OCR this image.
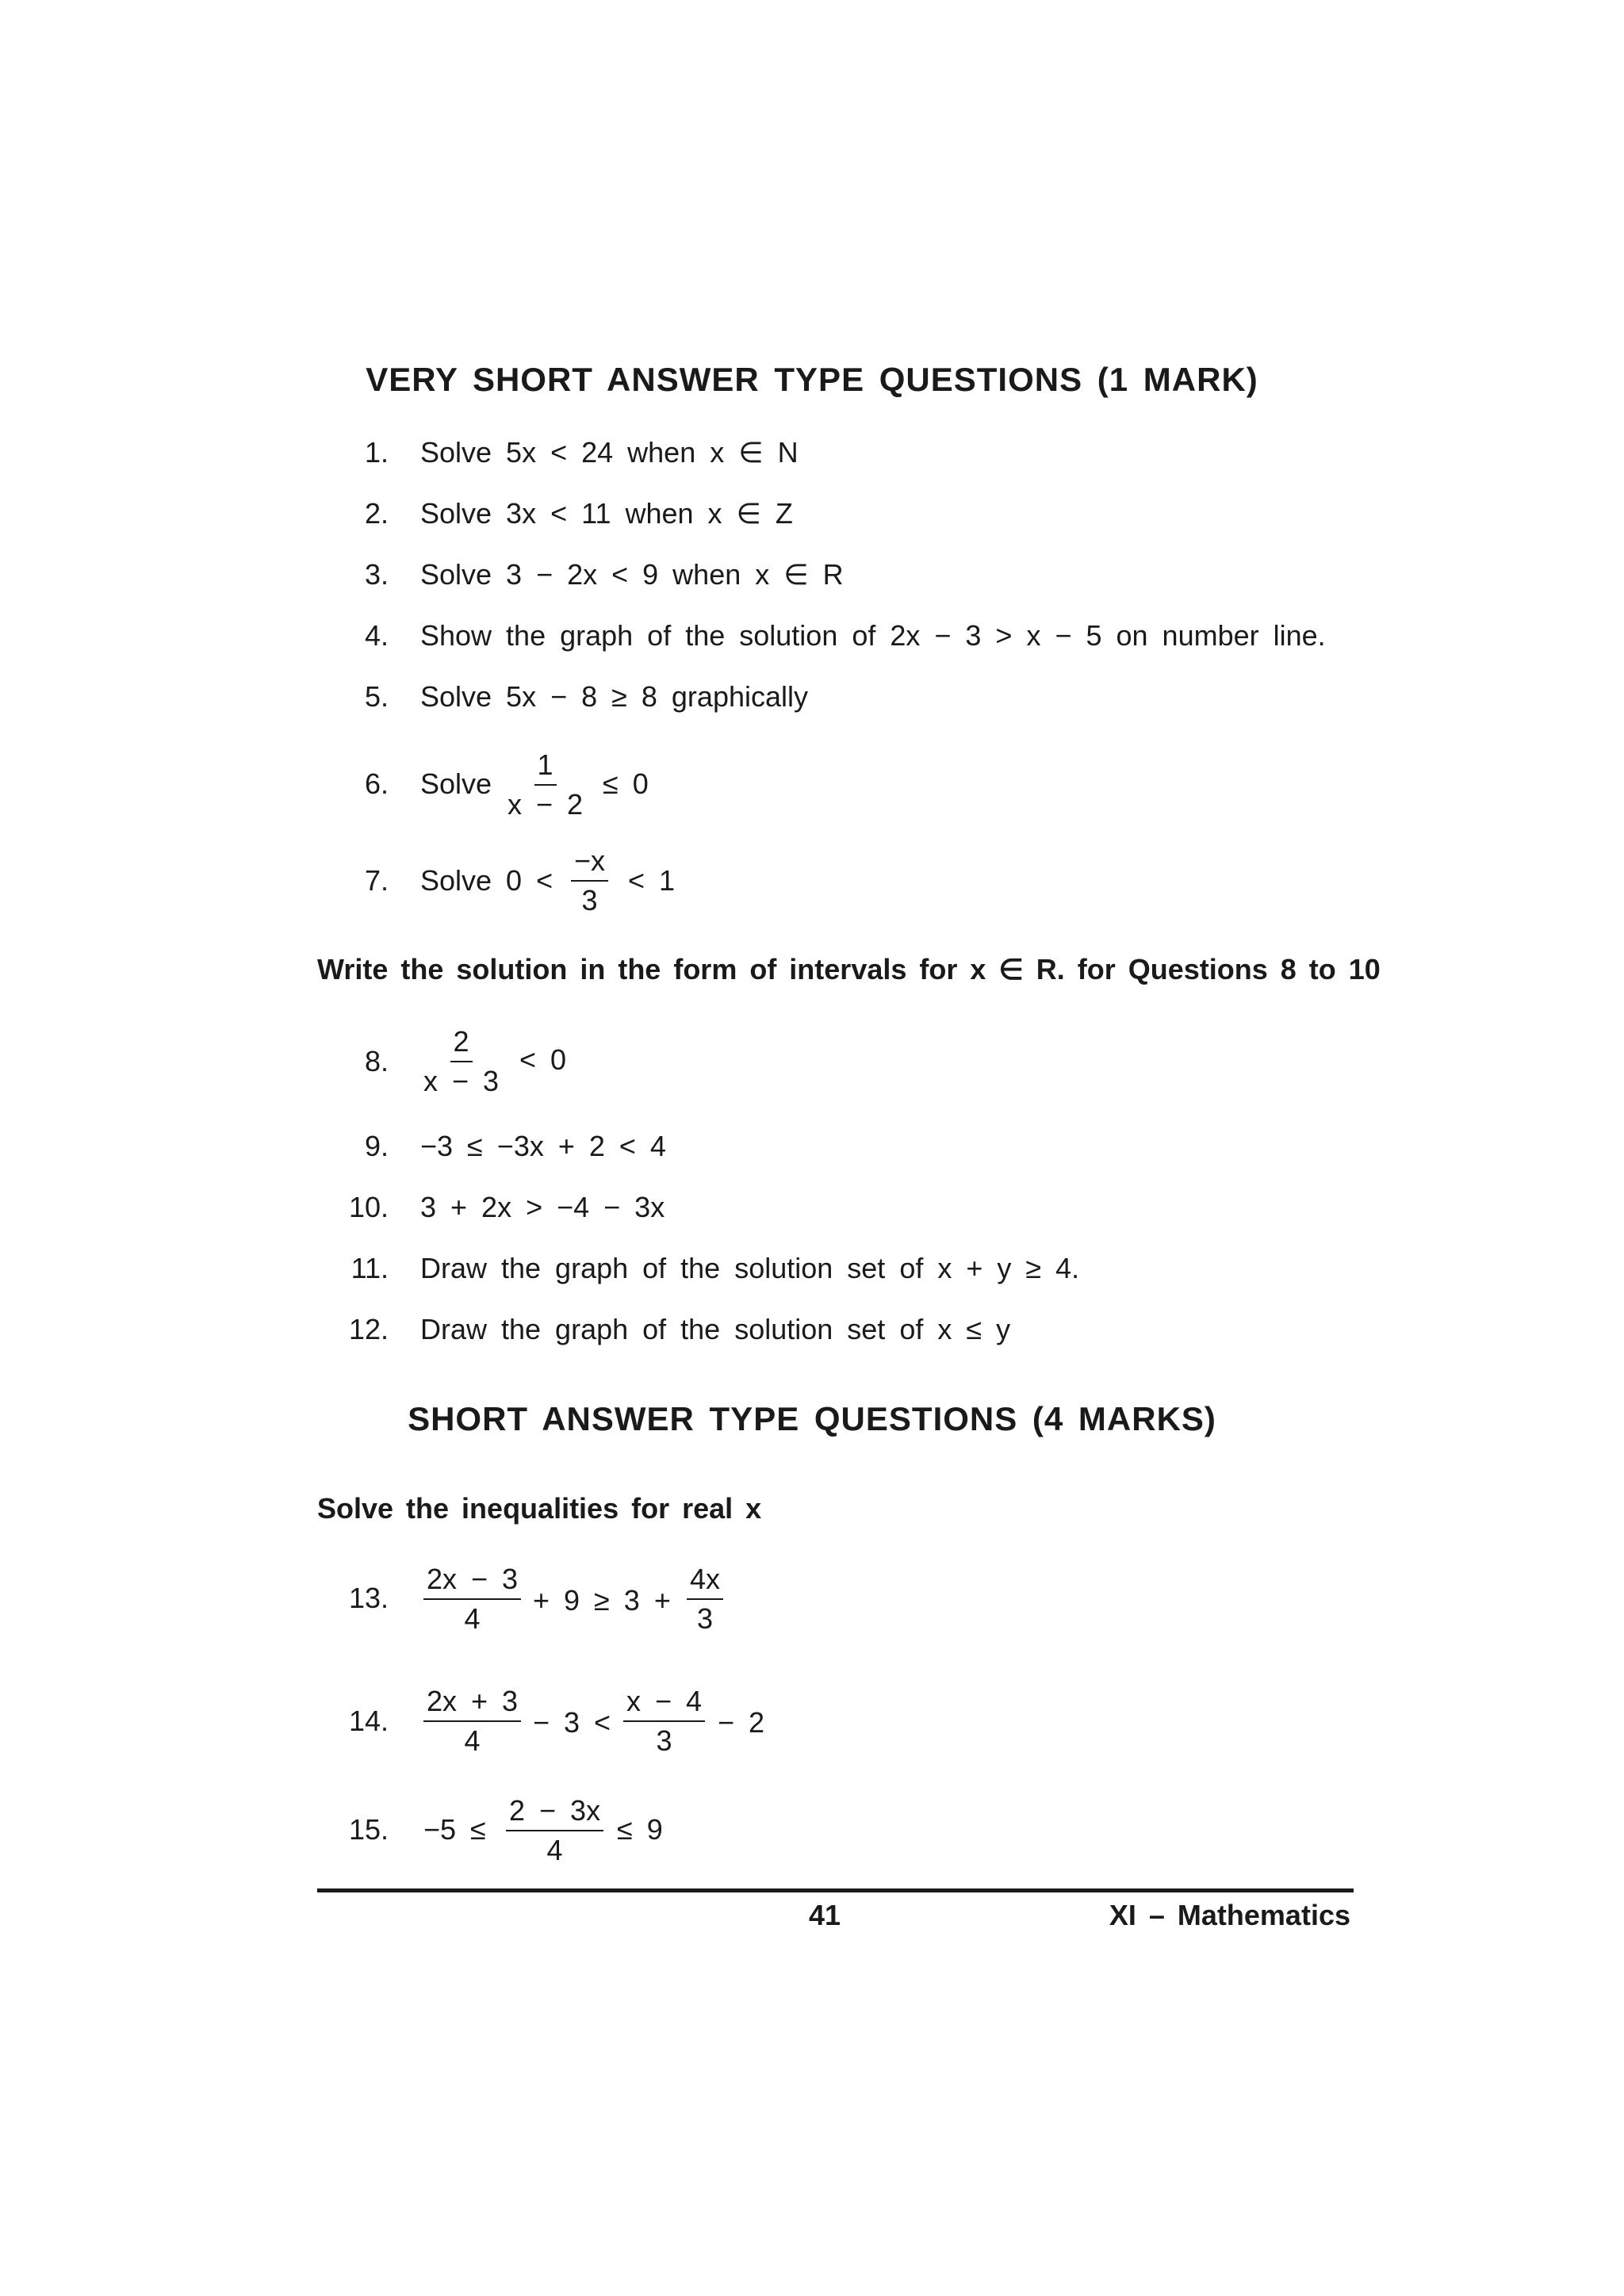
VERY SHORT ANSWER TYPE QUESTIONS (1 MARK)
1. Solve 5x < 24 when x ∈ N
2. Solve 3x < 11 when x ∈ Z
3. Solve 3 − 2x < 9 when x ∈ R
4. Show the graph of the solution of 2x − 3 > x − 5 on number line.
5. Solve 5x − 8 ≥ 8 graphically
6. Solve $\frac{1}{x - 2} \le 0$
7. Solve $0 < \frac{-x}{3} < 1$
Write the solution in the form of intervals for x ∈ R. for Questions 8 to 10
8. $\frac{2}{x - 3} < 0$
9. −3 ≤ −3x + 2 < 4
10. 3 + 2x > −4 − 3x
11. Draw the graph of the solution set of x + y ≥ 4.
12. Draw the graph of the solution set of x ≤ y
SHORT ANSWER TYPE QUESTIONS (4 MARKS)
Solve the inequalities for real x
13. $\frac{2x - 3}{4} + 9 \ge 3 + \frac{4x}{3}$
14. $\frac{2x + 3}{4} - 3 < \frac{x - 4}{3} - 2$
15. $-5 \le \frac{2 - 3x}{4} \le 9$
41	XI – Mathematics
